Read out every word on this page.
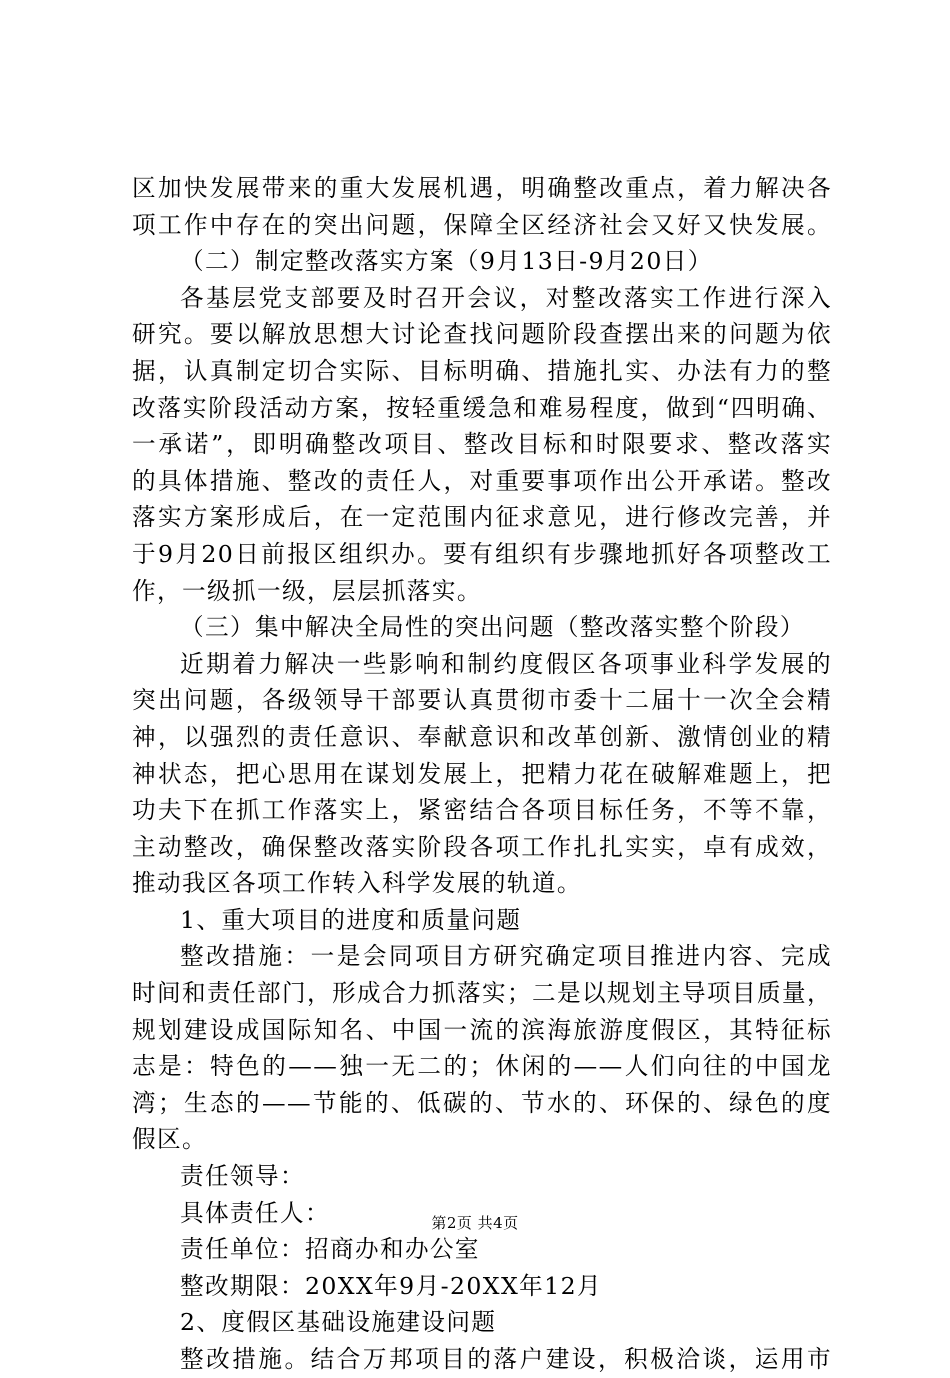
区加快发展带来的重大发展机遇，明确整改重点，着力解决各
项工作中存在的突出问题，保障全区经济社会又好又快发展。
（二）制定整改落实方案（9月13日-9月20日）
各基层党支部要及时召开会议，对整改落实工作进行深入
研究。要以解放思想大讨论查找问题阶段查摆出来的问题为依
据，认真制定切合实际、目标明确、措施扎实、办法有力的整
改落实阶段活动方案，按轻重缓急和难易程度，做到“四明确、
一承诺”，即明确整改项目、整改目标和时限要求、整改落实
的具体措施、整改的责任人，对重要事项作出公开承诺。整改
落实方案形成后，在一定范围内征求意见，进行修改完善，并
于9月20日前报区组织办。要有组织有步骤地抓好各项整改工
作，一级抓一级，层层抓落实。
（三）集中解决全局性的突出问题（整改落实整个阶段）
近期着力解决一些影响和制约度假区各项事业科学发展的
突出问题，各级领导干部要认真贯彻市委十二届十一次全会精
神，以强烈的责任意识、奉献意识和改革创新、激情创业的精
神状态，把心思用在谋划发展上，把精力花在破解难题上，把
功夫下在抓工作落实上，紧密结合各项目标任务，不等不靠，
主动整改，确保整改落实阶段各项工作扎扎实实，卓有成效，
推动我区各项工作转入科学发展的轨道。
1、重大项目的进度和质量问题
整改措施：一是会同项目方研究确定项目推进内容、完成
时间和责任部门，形成合力抓落实；二是以规划主导项目质量，
规划建设成国际知名、中国一流的滨海旅游度假区，其特征标
志是：特色的——独一无二的；休闲的——人们向往的中国龙
湾；生态的——节能的、低碳的、节水的、环保的、绿色的度
假区。
责任领导：
具体责任人：
责任单位：招商办和办公室
整改期限：20XX年9月-20XX年12月
2、度假区基础设施建设问题
整改措施。结合万邦项目的落户建设，积极洽谈，运用市
第2页 共4页
